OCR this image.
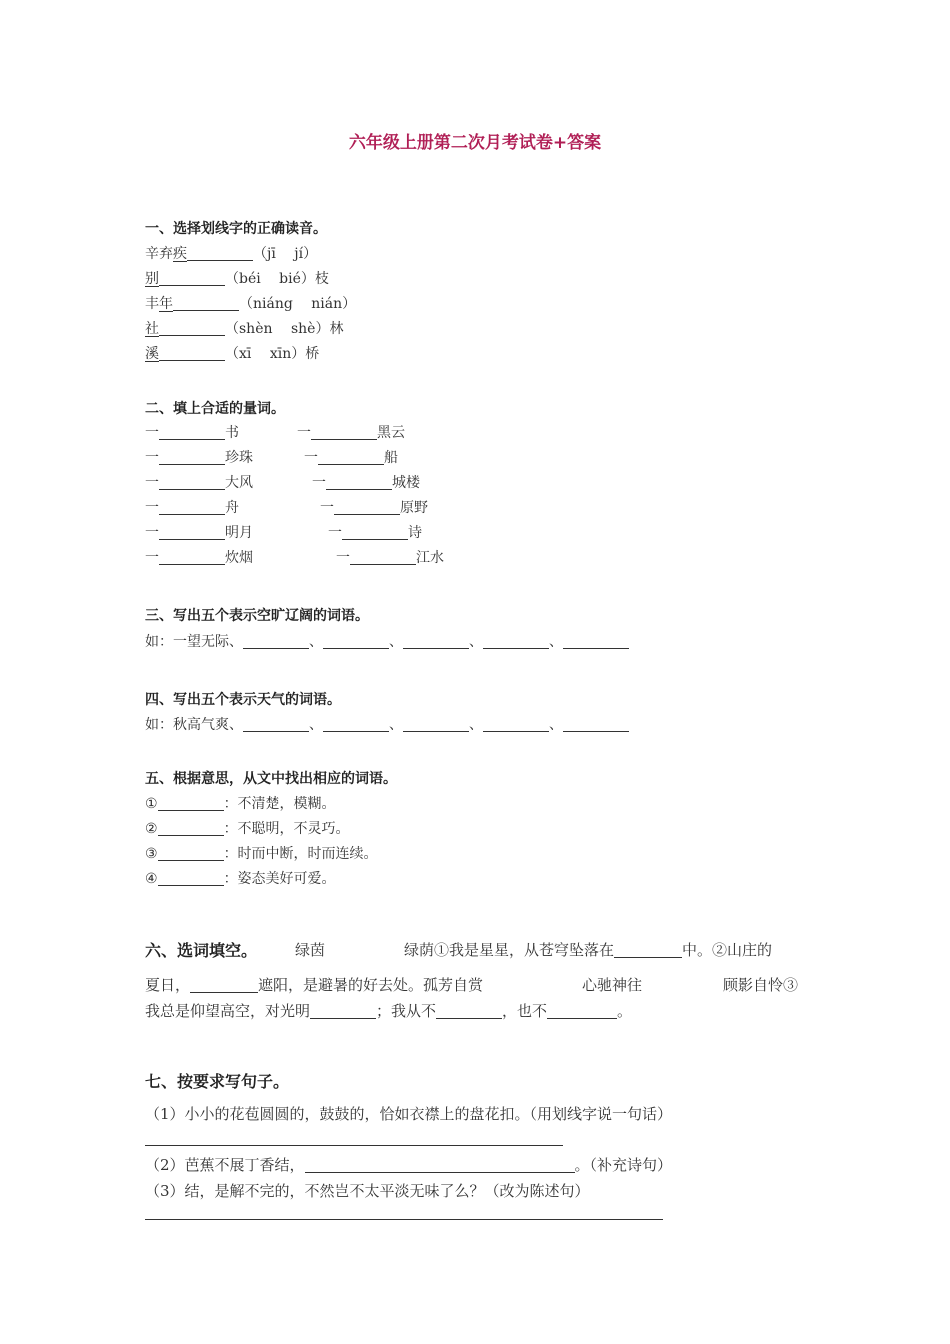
六年级上册第二次月考试卷+答案
一、选择划线字的正确读音。
辛弃疾	（jī　 jí）
别	（béi　 bié）枝
丰年	（niáng　 nián）
社	（shèn　 shè）林
溪	（xī　 xīn）桥
二、填上合适的量词。
一	书	一	黑云
一	珍珠	一	船
一	大风	一	城楼
一	舟	一	原野
一	明月	一	诗
一	炊烟	一	江水
三、写出五个表示空旷辽阔的词语。
如：一望无际、	、	、	、	、
四、写出五个表示天气的词语。
如：秋高气爽、	、	、	、	、
五、根据意思，从文中找出相应的词语。
①	：不清楚，模糊。
②	：不聪明，不灵巧。
③	：时而中断，时而连续。
④	：姿态美好可爱。
六、选词填空。	绿茵	绿荫①我是星星，从苍穹坠落在	中。②山庄的
夏日，	遮阳，是避暑的好去处。孤芳自赏	心驰神往	顾影自怜③
我总是仰望高空，对光明	；我从不	，也不	。
七、按要求写句子。
（1）小小的花苞圆圆的，鼓鼓的，恰如衣襟上的盘花扣。（用划线字说一句话）
（2）芭蕉不展丁香结，	。（补充诗句）
（3）结，是解不完的，不然岂不太平淡无味了么？（改为陈述句）
